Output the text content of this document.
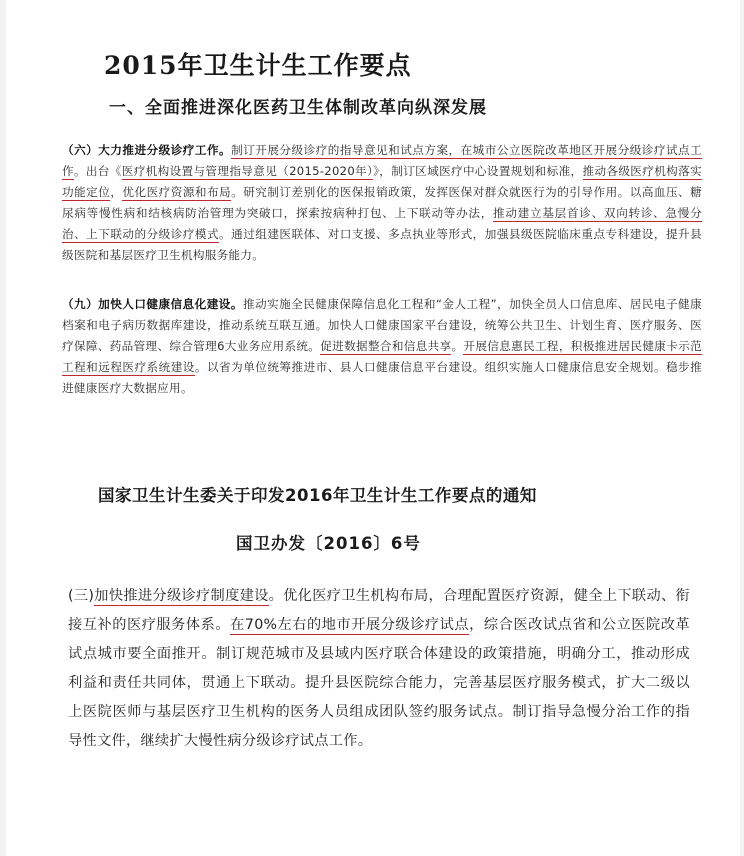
2015年卫生计生工作要点
一、全面推进深化医药卫生体制改革向纵深发展

（六）大力推进分级诊疗工作。制订开展分级诊疗的指导意见和试点方案，在城市公立医院改革地区开展分级诊疗试点工作。出台《医疗机构设置与管理指导意见（2015-2020年）》，制订区域医疗中心设置规划和标准，推动各级医疗机构落实功能定位，优化医疗资源和布局。研究制订差别化的医保报销政策，发挥医保对群众就医行为的引导作用。以高血压、糖尿病等慢性病和结核病防治管理为突破口，探索按病种打包、上下联动等办法，推动建立基层首诊、双向转诊、急慢分治、上下联动的分级诊疗模式。通过组建医联体、对口支援、多点执业等形式，加强县级医院临床重点专科建设，提升县级医院和基层医疗卫生机构服务能力。

（九）加快人口健康信息化建设。推动实施全民健康保障信息化工程和“金人工程”，加快全员人口信息库、居民电子健康档案和电子病历数据库建设，推动系统互联互通。加快人口健康国家平台建设，统筹公共卫生、计划生育、医疗服务、医疗保障、药品管理、综合管理6大业务应用系统。促进数据整合和信息共享。开展信息惠民工程，积极推进居民健康卡示范工程和远程医疗系统建设。以省为单位统筹推进市、县人口健康信息平台建设。组织实施人口健康信息安全规划。稳步推进健康医疗大数据应用。

国家卫生计生委关于印发2016年卫生计生工作要点的通知
国卫办发〔2016〕6号

(三)加快推进分级诊疗制度建设。优化医疗卫生机构布局，合理配置医疗资源，健全上下联动、衔接互补的医疗服务体系。在70%左右的地市开展分级诊疗试点，综合医改试点省和公立医院改革试点城市要全面推开。制订规范城市及县域内医疗联合体建设的政策措施，明确分工，推动形成利益和责任共同体，贯通上下联动。提升县医院综合能力，完善基层医疗服务模式，扩大二级以上医院医师与基层医疗卫生机构的医务人员组成团队签约服务试点。制订指导急慢分治工作的指导性文件，继续扩大慢性病分级诊疗试点工作。
